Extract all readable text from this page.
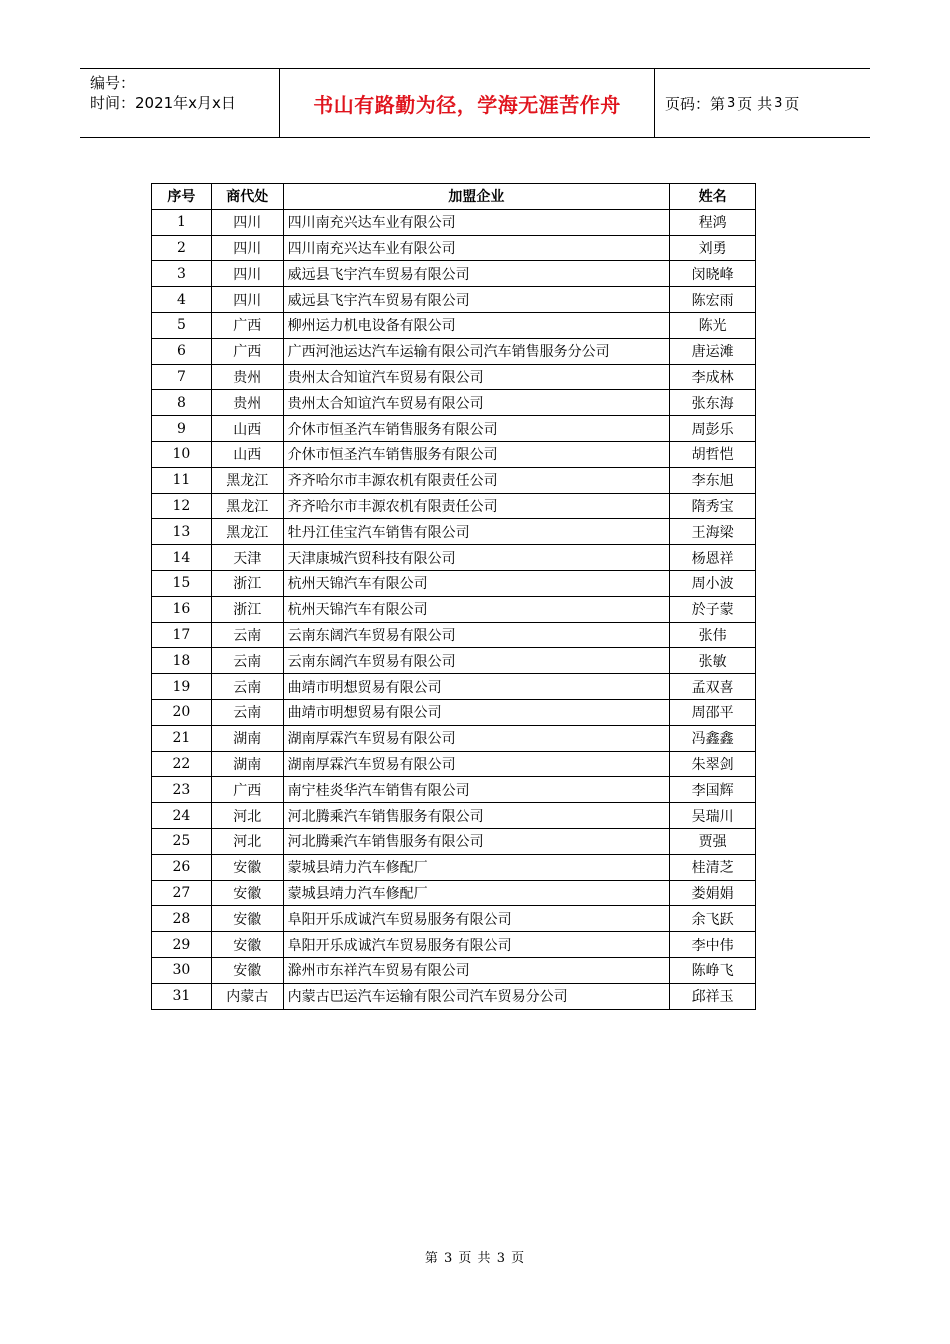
编号：
时间：2021年x月x日	书山有路勤为径，学海无涯苦作舟	页码：第 3 页 共 3 页
序号	商代处	加盟企业	姓名
1	四川	四川南充兴达车业有限公司	程鸿
2	四川	四川南充兴达车业有限公司	刘勇
3	四川	威远县飞宇汽车贸易有限公司	闵晓峰
4	四川	威远县飞宇汽车贸易有限公司	陈宏雨
5	广西	柳州运力机电设备有限公司	陈光
6	广西	广西河池运达汽车运输有限公司汽车销售服务分公司	唐运滩
7	贵州	贵州太合知谊汽车贸易有限公司	李成林
8	贵州	贵州太合知谊汽车贸易有限公司	张东海
9	山西	介休市恒圣汽车销售服务有限公司	周彭乐
10	山西	介休市恒圣汽车销售服务有限公司	胡哲恺
11	黑龙江	齐齐哈尔市丰源农机有限责任公司	李东旭
12	黑龙江	齐齐哈尔市丰源农机有限责任公司	隋秀宝
13	黑龙江	牡丹江佳宝汽车销售有限公司	王海梁
14	天津	天津康城汽贸科技有限公司	杨恩祥
15	浙江	杭州天锦汽车有限公司	周小波
16	浙江	杭州天锦汽车有限公司	於子蒙
17	云南	云南东阔汽车贸易有限公司	张伟
18	云南	云南东阔汽车贸易有限公司	张敏
19	云南	曲靖市明想贸易有限公司	孟双喜
20	云南	曲靖市明想贸易有限公司	周邵平
21	湖南	湖南厚霖汽车贸易有限公司	冯鑫鑫
22	湖南	湖南厚霖汽车贸易有限公司	朱翠剑
23	广西	南宁桂炎华汽车销售有限公司	李国辉
24	河北	河北腾乘汽车销售服务有限公司	吴瑞川
25	河北	河北腾乘汽车销售服务有限公司	贾强
26	安徽	蒙城县靖力汽车修配厂	桂清芝
27	安徽	蒙城县靖力汽车修配厂	娄娟娟
28	安徽	阜阳开乐成诚汽车贸易服务有限公司	余飞跃
29	安徽	阜阳开乐成诚汽车贸易服务有限公司	李中伟
30	安徽	滁州市东祥汽车贸易有限公司	陈峥飞
31	内蒙古	内蒙古巴运汽车运输有限公司汽车贸易分公司	邱祥玉
第 3 页 共 3 页
